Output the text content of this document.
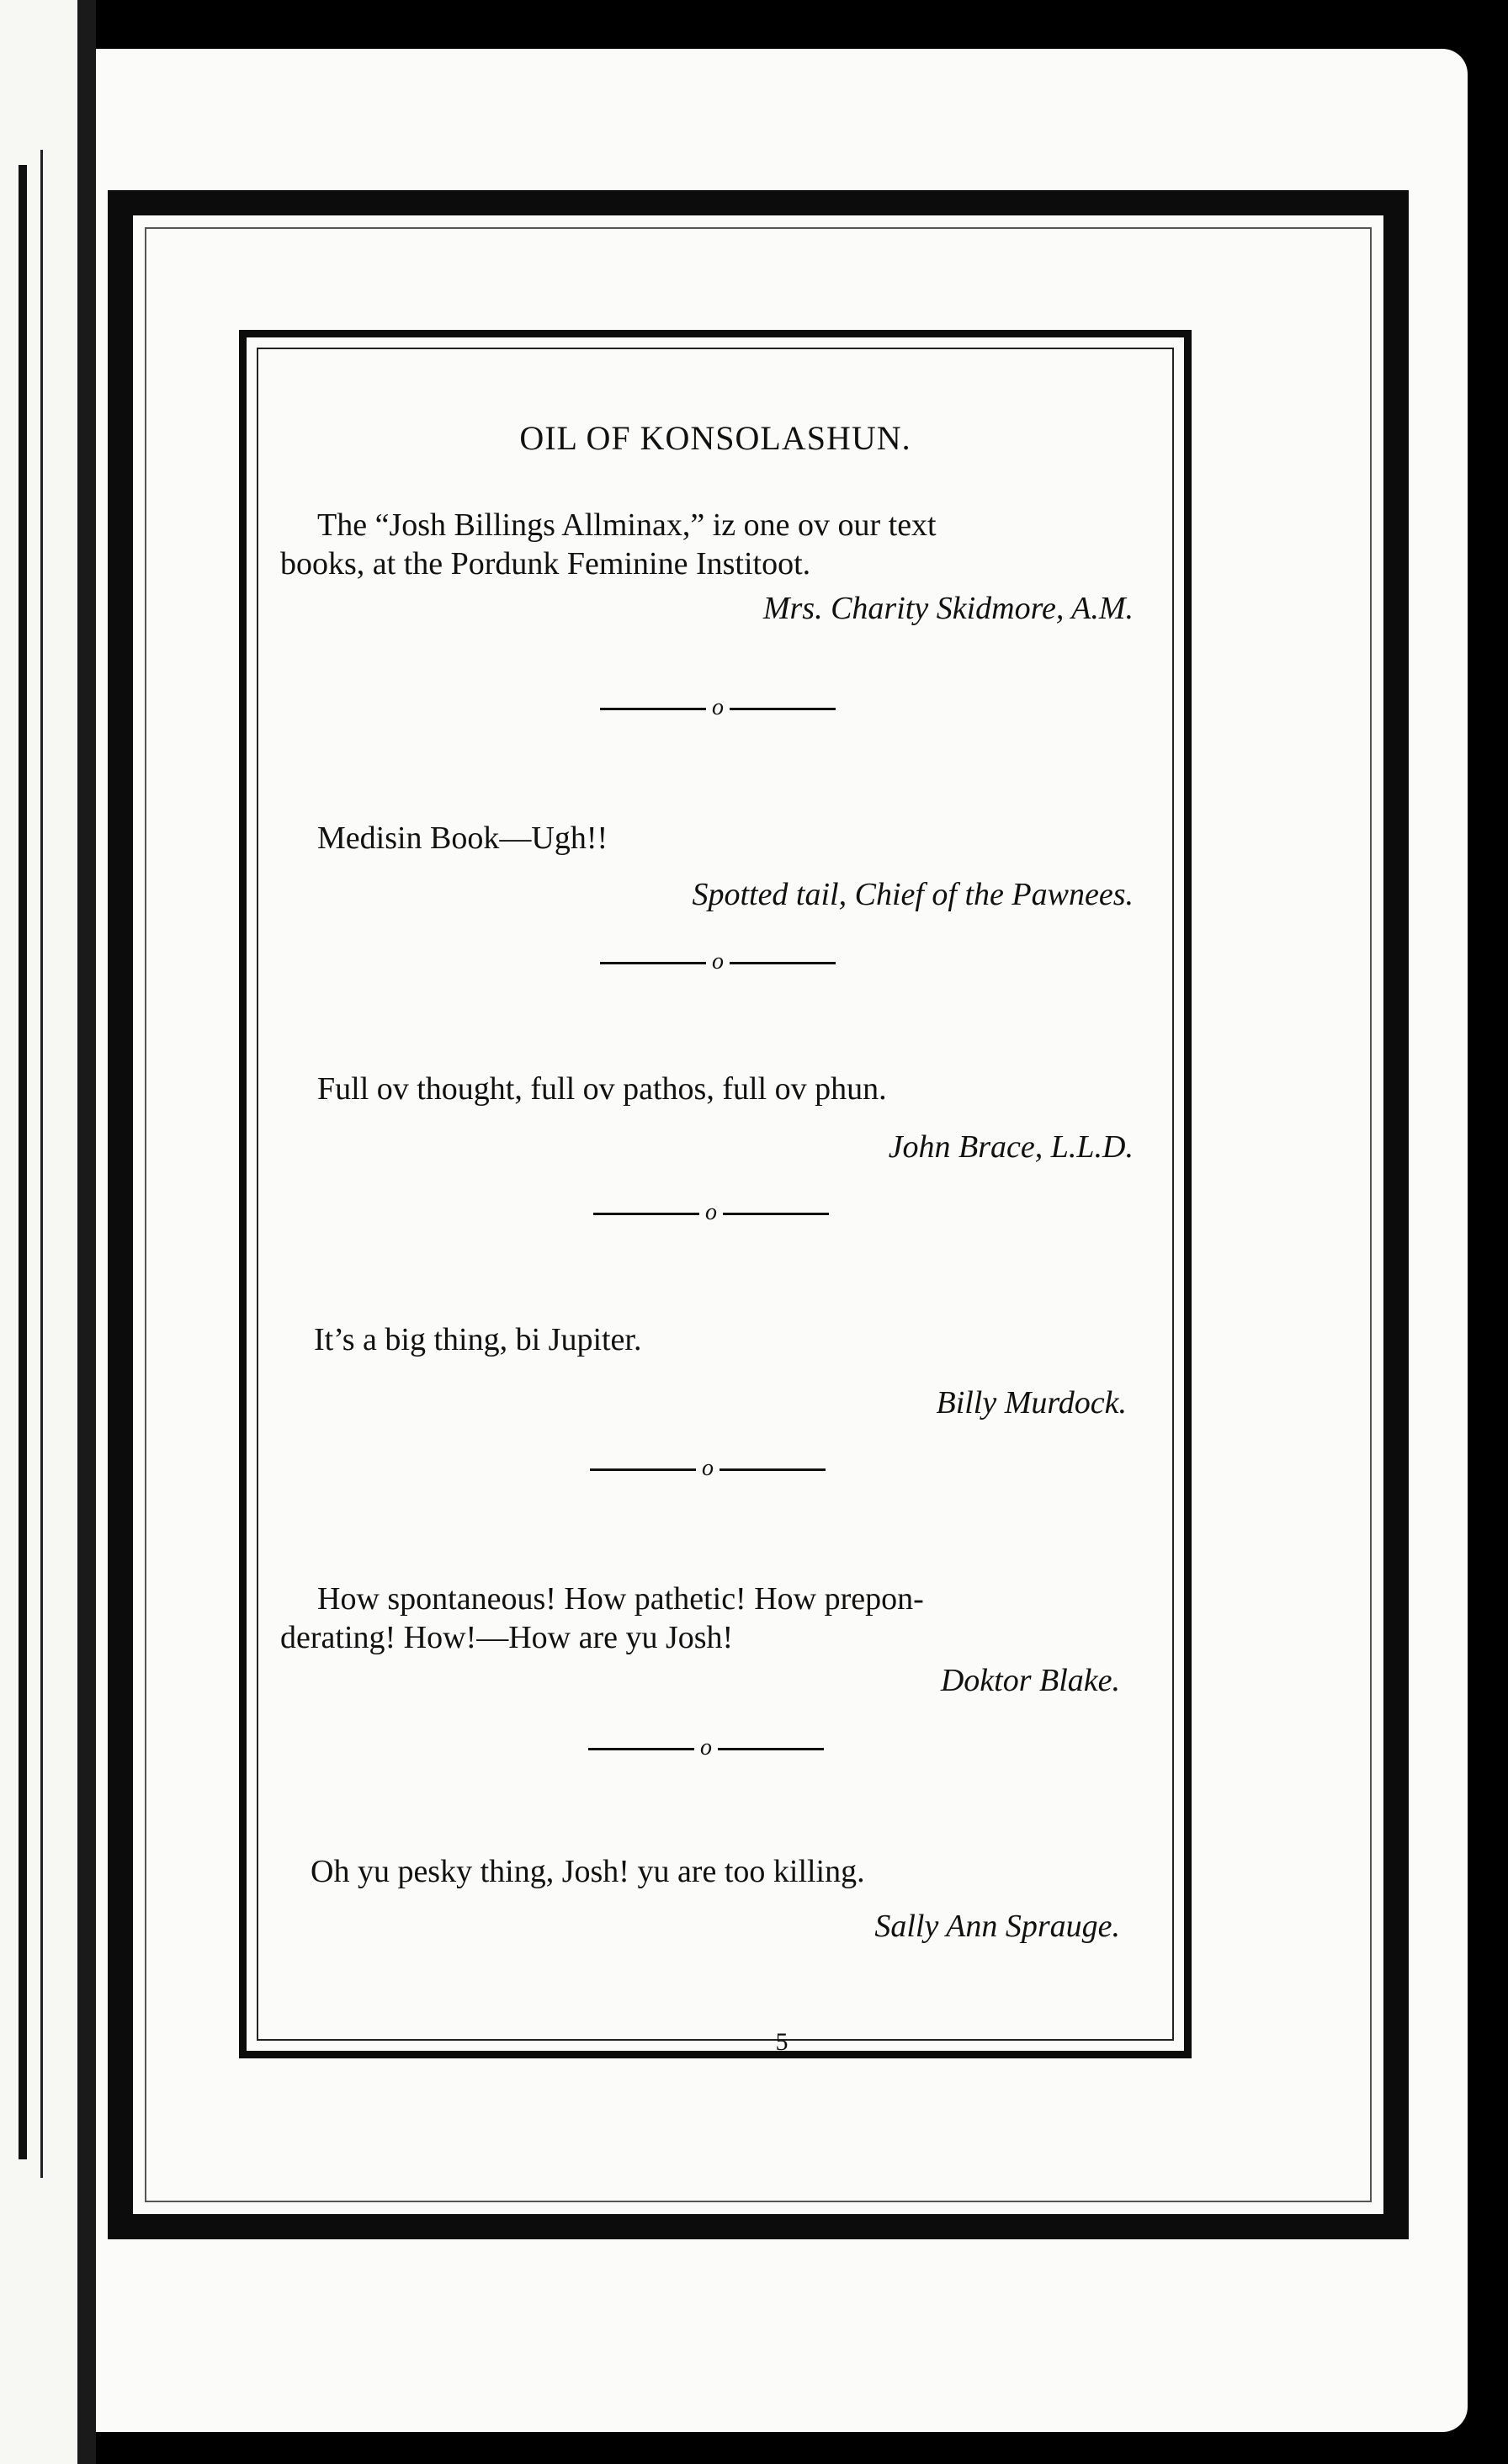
OIL OF KONSOLASHUN.
The “Josh Billings Allminax,” iz one ov our text
books, at the Pordunk Feminine Institoot.
Mrs. Charity Skidmore, A.M.
o
Medisin Book—Ugh!!
Spotted tail, Chief of the Pawnees.
o
Full ov thought, full ov pathos, full ov phun.
John Brace, L.L.D.
o
It’s a big thing, bi Jupiter.
Billy Murdock.
o
How spontaneous! How pathetic! How prepon-
derating! How!—How are yu Josh!
Doktor Blake.
o
Oh yu pesky thing, Josh! yu are too killing.
Sally Ann Sprauge.
5
